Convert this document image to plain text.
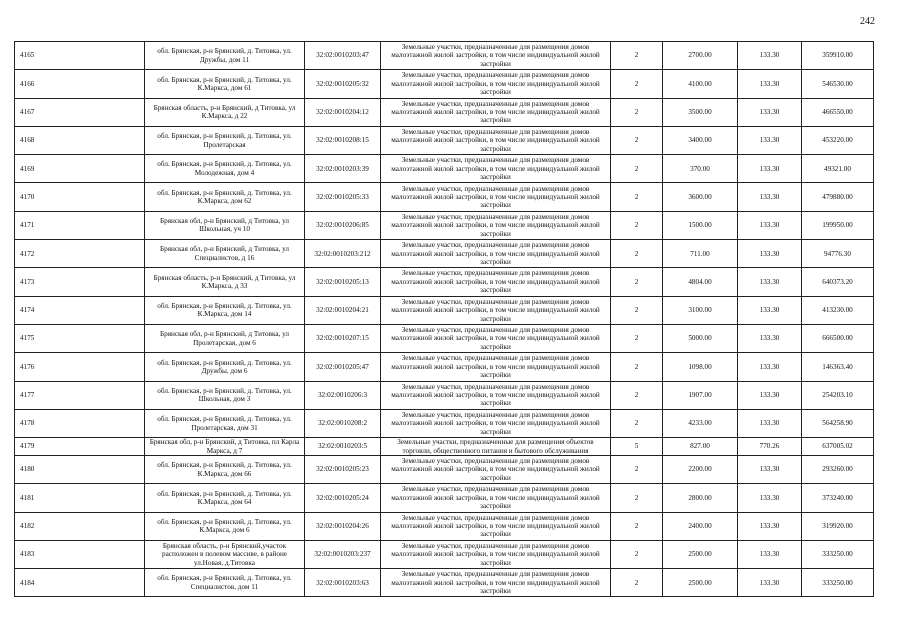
242
4165	обл. Брянская, р-н Брянский, д. Титовка, ул. Дружбы, дом 11	32:02:0010203:47	Земельные участки, предназначенные для размещения домов малоэтажной жилой застройки, в том числе индивидуальной жилой застройки	2	2700.00	133.30	359910.00
4166	обл. Брянская, р-н Брянский, д. Титовка, ул. К.Маркса, дом 61	32:02:0010205:32	Земельные участки, предназначенные для размещения домов малоэтажной жилой застройки, в том числе индивидуальной жилой застройки	2	4100.00	133.30	546530.00
4167	Брянская область, р-н Брянский, д Титовка, ул К.Маркса, д 22	32:02:0010204:12	Земельные участки, предназначенные для размещения домов малоэтажной жилой застройки, в том числе индивидуальной жилой застройки	2	3500.00	133.30	466550.00
4168	обл. Брянская, р-н Брянский, д. Титовка, ул. Пролетарская	32:02:0010208:15	Земельные участки, предназначенные для размещения домов малоэтажной жилой застройки, в том числе индивидуальной жилой застройки	2	3400.00	133.30	453220.00
4169	обл. Брянская, р-н Брянский, д. Титовка, ул. Молодежная, дом 4	32:02:0010203:39	Земельные участки, предназначенные для размещения домов малоэтажной жилой застройки, в том числе индивидуальной жилой застройки	2	370.00	133.30	49321.00
4170	обл. Брянская, р-н Брянский, д. Титовка, ул. К.Маркса, дом 62	32:02:0010205:33	Земельные участки, предназначенные для размещения домов малоэтажной жилой застройки, в том числе индивидуальной жилой застройки	2	3600.00	133.30	479880.00
4171	Брянская обл, р-н Брянский, д Титовка, ул Школьная, уч 10	32:02:0010206:85	Земельные участки, предназначенные для размещения домов малоэтажной жилой застройки, в том числе индивидуальной жилой застройки	2	1500.00	133.30	199950.00
4172	Брянская обл, р-н Брянский, д Титовка, ул Специалистов, д 16	32:02:0010203:212	Земельные участки, предназначенные для размещения домов малоэтажной жилой застройки, в том числе индивидуальной жилой застройки	2	711.00	133.30	94776.30
4173	Брянская область, р-н Брянский, д Титовка, ул К.Маркса, д 33	32:02:0010205:13	Земельные участки, предназначенные для размещения домов малоэтажной жилой застройки, в том числе индивидуальной жилой застройки	2	4804.00	133.30	640373.20
4174	обл. Брянская, р-н Брянский, д. Титовка, ул. К.Маркса, дом 14	32:02:0010204:21	Земельные участки, предназначенные для размещения домов малоэтажной жилой застройки, в том числе индивидуальной жилой застройки	2	3100.00	133.30	413230.00
4175	Брянская обл, р-н Брянский, д Титовка, ул Пролетарская, дом 6	32:02:0010207:15	Земельные участки, предназначенные для размещения домов малоэтажной жилой застройки, в том числе индивидуальной жилой застройки	2	5000.00	133.30	666500.00
4176	обл. Брянская, р-н Брянский, д. Титовка, ул. Дружбы, дом 6	32:02:0010205:47	Земельные участки, предназначенные для размещения домов малоэтажной жилой застройки, в том числе индивидуальной жилой застройки	2	1098.00	133.30	146363.40
4177	обл. Брянская, р-н Брянский, д. Титовка, ул. Школьная, дом 3	32:02:0010206:3	Земельные участки, предназначенные для размещения домов малоэтажной жилой застройки, в том числе индивидуальной жилой застройки	2	1907.00	133.30	254203.10
4178	обл. Брянская, р-н Брянский, д. Титовка, ул. Пролетарская, дом 31	32:02:0010208:2	Земельные участки, предназначенные для размещения домов малоэтажной жилой застройки, в том числе индивидуальной жилой застройки	2	4233.00	133.30	564258.90
4179	Брянская обл, р-н Брянский, д Титовка, пл Карла Маркса, д 7	32:02:0010203:5	Земельные участки, предназначенные для размещения объектов торговли, общественного питания и бытового обслуживания	5	827.00	770.26	637005.02
4180	обл. Брянская, р-н Брянский, д. Титовка, ул. К.Маркса, дом 66	32:02:0010205:23	Земельные участки, предназначенные для размещения домов малоэтажной жилой застройки, в том числе индивидуальной жилой застройки	2	2200.00	133.30	293260.00
4181	обл. Брянская, р-н Брянский, д. Титовка, ул. К.Маркса, дом 64	32:02:0010205:24	Земельные участки, предназначенные для размещения домов малоэтажной жилой застройки, в том числе индивидуальной жилой застройки	2	2800.00	133.30	373240.00
4182	обл. Брянская, р-н Брянский, д. Титовка, ул. К.Маркса, дом 6	32:02:0010204:26	Земельные участки, предназначенные для размещения домов малоэтажной жилой застройки, в том числе индивидуальной жилой застройки	2	2400.00	133.30	319920.00
4183	Брянская область, р-н Брянский,участок расположен в полевом массиве, в районе ул.Новая, д.Титовка	32:02:0010203:237	Земельные участки, предназначенные для размещения домов малоэтажной жилой застройки, в том числе индивидуальной жилой застройки	2	2500.00	133.30	333250.00
4184	обл. Брянская, р-н Брянский, д. Титовка, ул. Специалистов, дом 11	32:02:0010203:63	Земельные участки, предназначенные для размещения домов малоэтажной жилой застройки, в том числе индивидуальной жилой застройки	2	2500.00	133.30	333250.00
